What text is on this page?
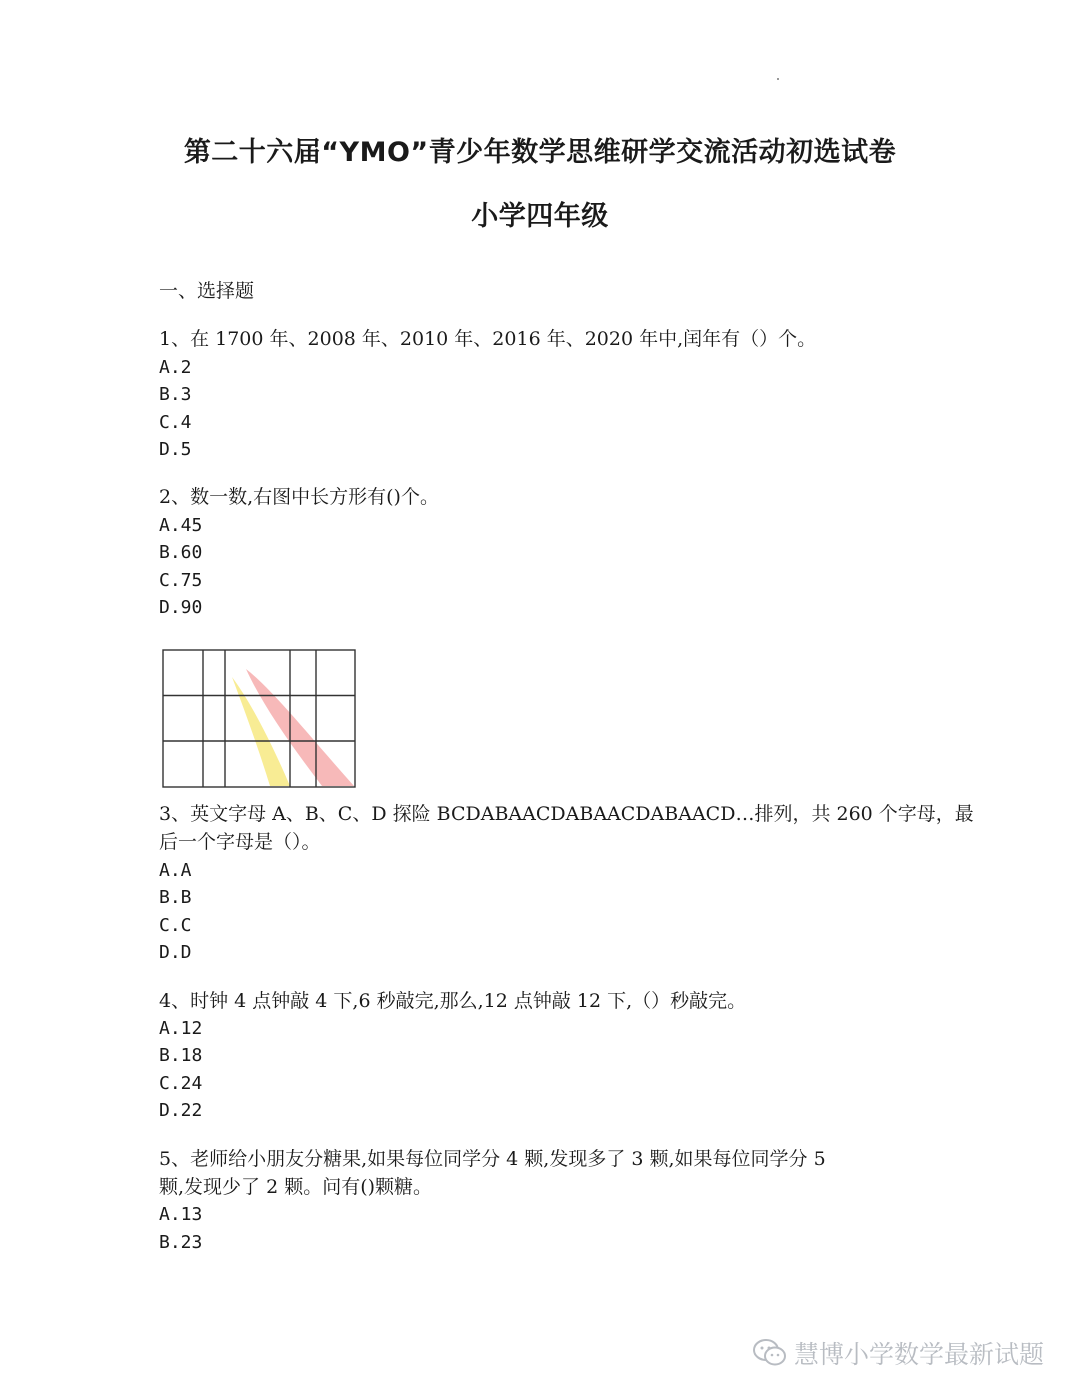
第二十六届“YMO”青少年数学思维研学交流活动初选试卷
小学四年级
一、选择题
1、在 1700 年、2008 年、2010 年、2016 年、2020 年中,闰年有（）个。
A.2
B.3
C.4
D.5
2、数一数,右图中长方形有()个。
A.45
B.60
C.75
D.90
3、英文字母 A、B、C、D 探险 BCDABAACDABAACDABAACD…排列，共 260 个字母，最
后一个字母是（）。
A.A
B.B
C.C
D.D
4、时钟 4 点钟敲 4 下,6 秒敲完,那么,12 点钟敲 12 下,（）秒敲完。
A.12
B.18
C.24
D.22
5、老师给小朋友分糖果,如果每位同学分 4 颗,发现多了 3 颗,如果每位同学分 5
颗,发现少了 2 颗。问有()颗糖。
A.13
B.23
慧博小学数学最新试题
